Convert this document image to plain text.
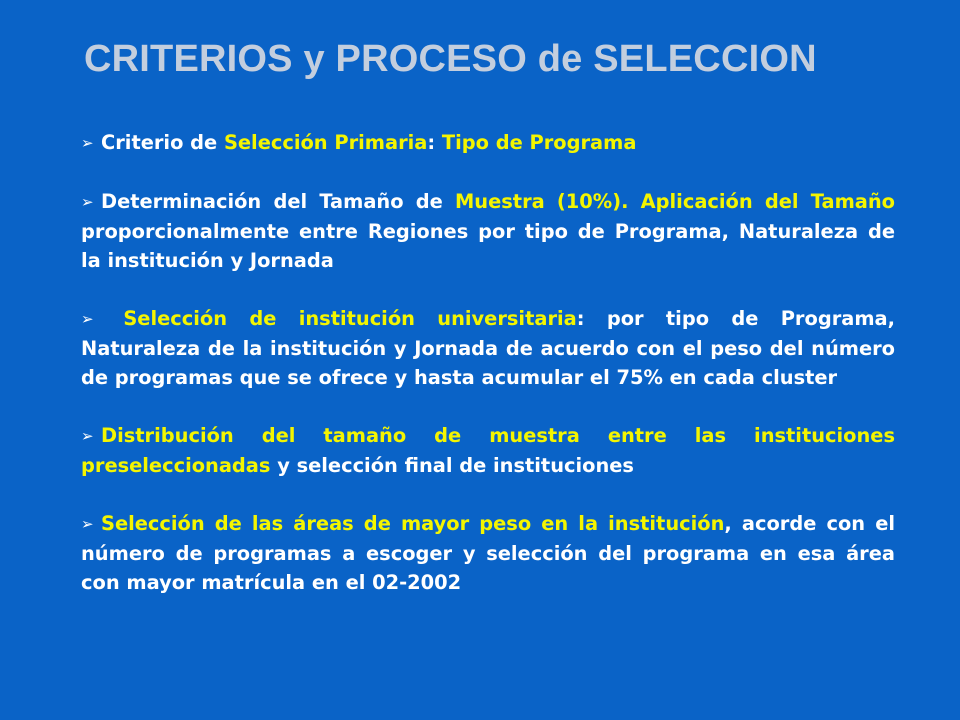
CRITERIOS y PROCESO de SELECCION

➢ Criterio de Selección Primaria: Tipo de Programa

➢ Determinación del Tamaño de Muestra (10%). Aplicación del Tamaño proporcionalmente entre Regiones por tipo de Programa, Naturaleza de la institución y Jornada

➢ Selección de institución universitaria: por tipo de Programa, Naturaleza de la institución y Jornada de acuerdo con el peso del número de programas que se ofrece y hasta acumular el 75% en cada cluster

➢ Distribución del tamaño de muestra entre las instituciones preseleccionadas y selección final de instituciones

➢ Selección de las áreas de mayor peso en la institución, acorde con el número de programas a escoger y selección del programa en esa área con mayor matrícula en el 02-2002
